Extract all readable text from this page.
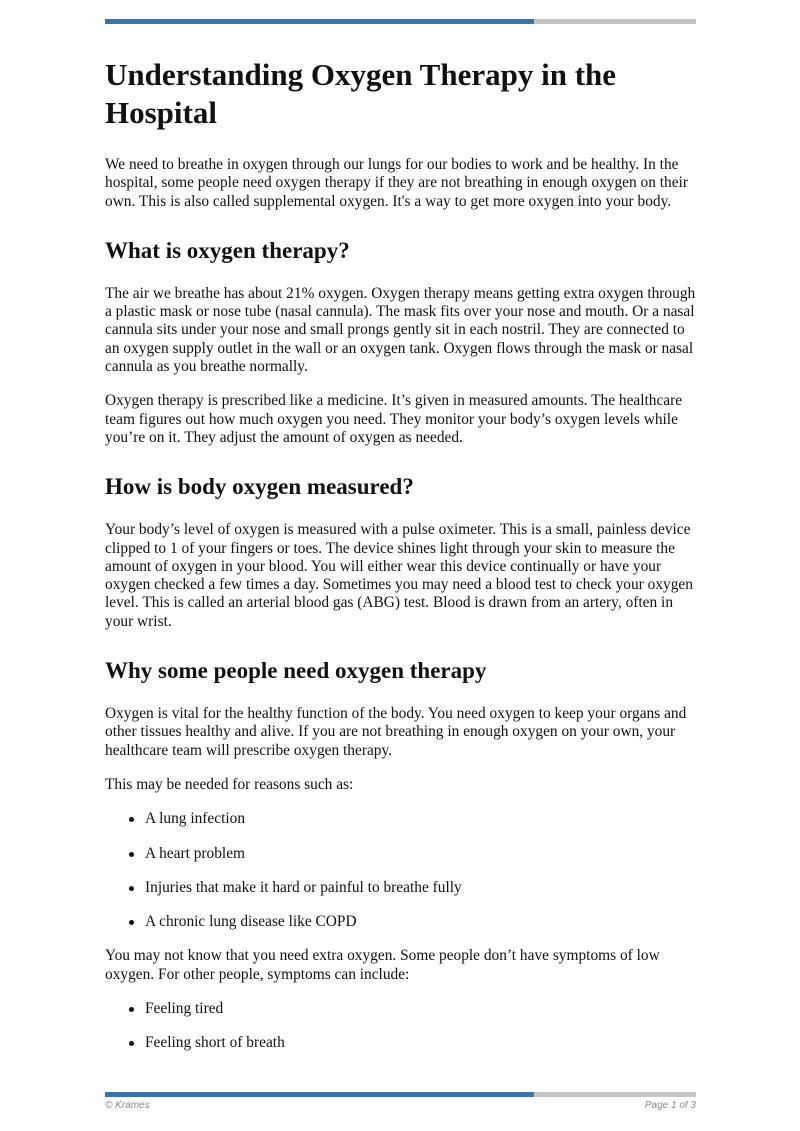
Understanding Oxygen Therapy in the Hospital

We need to breathe in oxygen through our lungs for our bodies to work and be healthy. In the hospital, some people need oxygen therapy if they are not breathing in enough oxygen on their own. This is also called supplemental oxygen. It's a way to get more oxygen into your body.

What is oxygen therapy?

The air we breathe has about 21% oxygen. Oxygen therapy means getting extra oxygen through a plastic mask or nose tube (nasal cannula). The mask fits over your nose and mouth. Or a nasal cannula sits under your nose and small prongs gently sit in each nostril. They are connected to an oxygen supply outlet in the wall or an oxygen tank. Oxygen flows through the mask or nasal cannula as you breathe normally.

Oxygen therapy is prescribed like a medicine. It’s given in measured amounts. The healthcare team figures out how much oxygen you need. They monitor your body’s oxygen levels while you’re on it. They adjust the amount of oxygen as needed.

How is body oxygen measured?

Your body’s level of oxygen is measured with a pulse oximeter. This is a small, painless device clipped to 1 of your fingers or toes. The device shines light through your skin to measure the amount of oxygen in your blood. You will either wear this device continually or have your oxygen checked a few times a day. Sometimes you may need a blood test to check your oxygen level. This is called an arterial blood gas (ABG) test. Blood is drawn from an artery, often in your wrist.

Why some people need oxygen therapy

Oxygen is vital for the healthy function of the body. You need oxygen to keep your organs and other tissues healthy and alive. If you are not breathing in enough oxygen on your own, your healthcare team will prescribe oxygen therapy.

This may be needed for reasons such as:

A lung infection
A heart problem
Injuries that make it hard or painful to breathe fully
A chronic lung disease like COPD

You may not know that you need extra oxygen. Some people don’t have symptoms of low oxygen. For other people, symptoms can include:

Feeling tired
Feeling short of breath
© Krames	Page 1 of 3
